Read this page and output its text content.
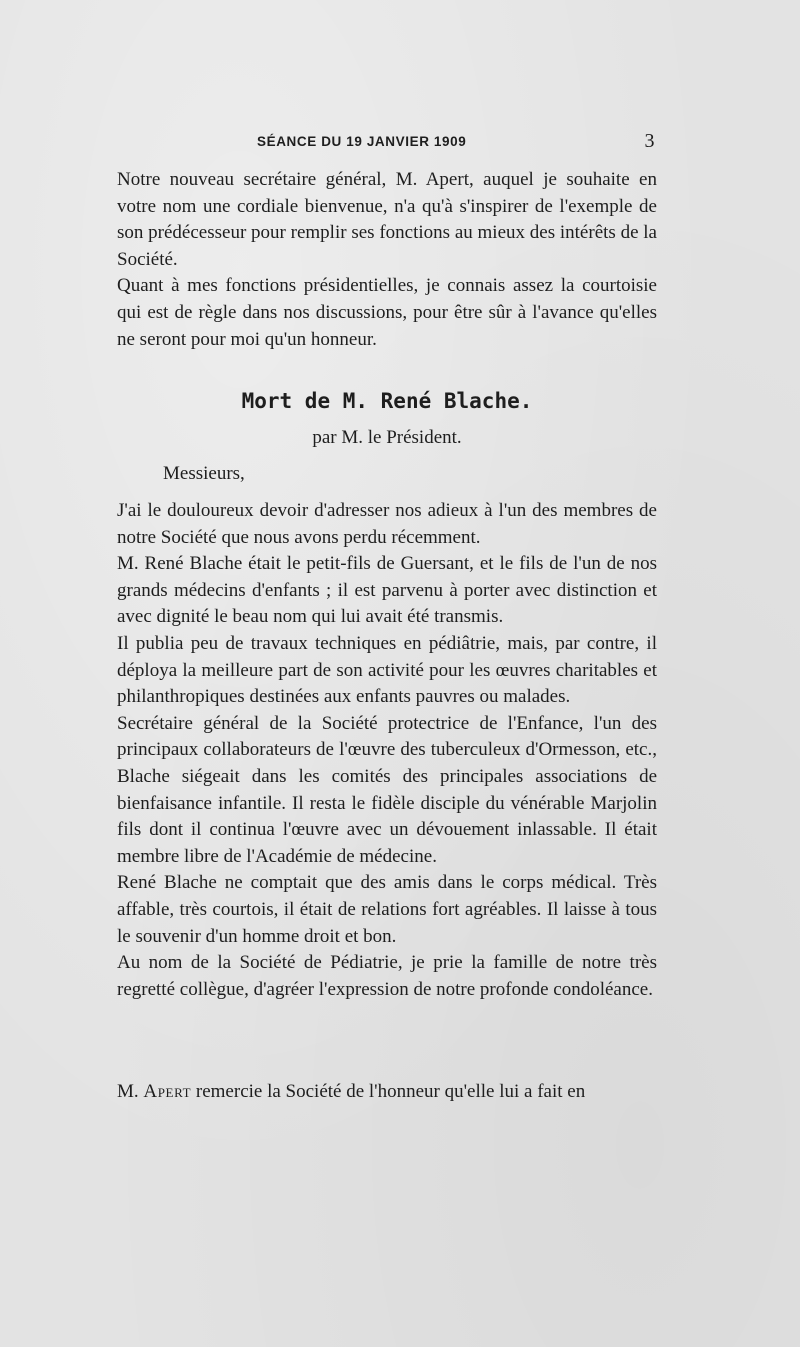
SÉANCE DU 19 JANVIER 1909	3

Notre nouveau secrétaire général, M. Apert, auquel je souhaite en votre nom une cordiale bienvenue, n'a qu'à s'inspirer de l'exemple de son prédécesseur pour remplir ses fonctions au mieux des intérêts de la Société.

Quant à mes fonctions présidentielles, je connais assez la courtoisie qui est de règle dans nos discussions, pour être sûr à l'avance qu'elles ne seront pour moi qu'un honneur.

Mort de M. René Blache.
par M. le Président.
Messieurs,

J'ai le douloureux devoir d'adresser nos adieux à l'un des membres de notre Société que nous avons perdu récemment.

M. René Blache était le petit-fils de Guersant, et le fils de l'un de nos grands médecins d'enfants ; il est parvenu à porter avec distinction et avec dignité le beau nom qui lui avait été transmis.

Il publia peu de travaux techniques en pédiâtrie, mais, par contre, il déploya la meilleure part de son activité pour les œuvres charitables et philanthropiques destinées aux enfants pauvres ou malades.

Secrétaire général de la Société protectrice de l'Enfance, l'un des principaux collaborateurs de l'œuvre des tuberculeux d'Ormesson, etc., Blache siégeait dans les comités des principales associations de bienfaisance infantile. Il resta le fidèle disciple du vénérable Marjolin fils dont il continua l'œuvre avec un dévouement inlassable. Il était membre libre de l'Académie de médecine.

René Blache ne comptait que des amis dans le corps médical. Très affable, très courtois, il était de relations fort agréables. Il laisse à tous le souvenir d'un homme droit et bon.

Au nom de la Société de Pédiatrie, je prie la famille de notre très regretté collègue, d'agréer l'expression de notre profonde condoléance.

M. Apert remercie la Société de l'honneur qu'elle lui a fait en
